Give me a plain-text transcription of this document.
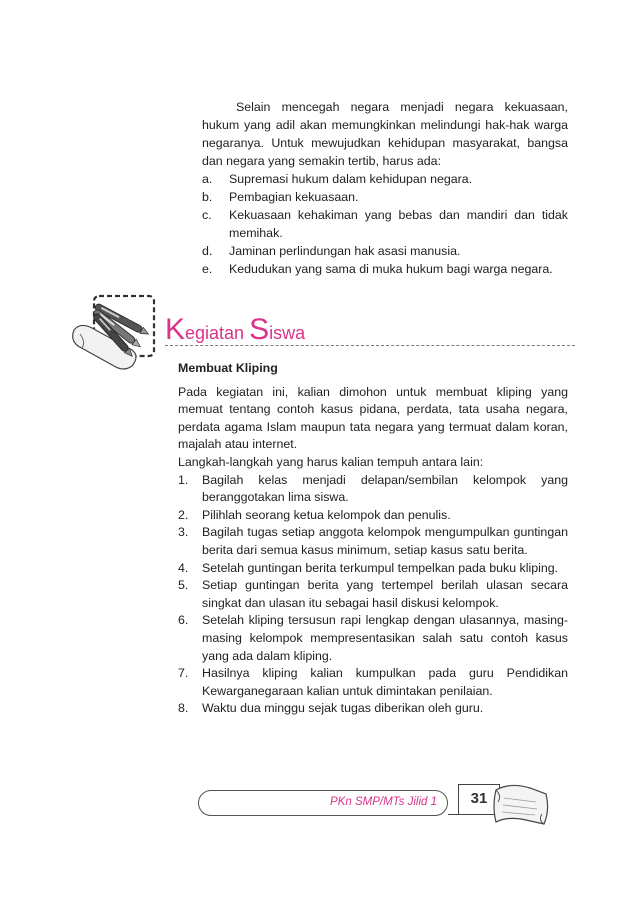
Selain mencegah negara menjadi negara kekuasaan, hukum yang adil akan memungkinkan melindungi hak-hak warga negaranya. Untuk mewujudkan kehidupan masyarakat, bangsa dan negara yang semakin tertib, harus ada:

a.	Supremasi hukum dalam kehidupan negara.
b.	Pembagian kekuasaan.
c.	Kekuasaan kehakiman yang bebas dan mandiri dan tidak memihak.
d.	Jaminan perlindungan hak asasi manusia.
e.	Kedudukan yang sama di muka hukum bagi warga negara.
Kegiatan Siswa
Membuat Kliping

Pada kegiatan ini, kalian dimohon untuk membuat kliping yang memuat tentang contoh kasus pidana, perdata, tata usaha negara, perdata agama Islam maupun tata negara yang termuat dalam koran, majalah atau internet.

Langkah-langkah yang harus kalian tempuh antara lain:

1.	Bagilah kelas menjadi delapan/sembilan kelompok yang beranggotakan lima siswa.
2.	Pilihlah seorang ketua kelompok dan penulis.
3.	Bagilah tugas setiap anggota kelompok mengumpulkan guntingan berita dari semua kasus minimum, setiap kasus satu berita.
4.	Setelah guntingan berita terkumpul tempelkan pada buku kliping.
5.	Setiap guntingan berita yang tertempel berilah ulasan secara singkat dan ulasan itu sebagai hasil diskusi kelompok.
6.	Setelah kliping tersusun rapi lengkap dengan ulasannya, masing-masing kelompok mempresentasikan salah satu contoh kasus yang ada dalam kliping.
7.	Hasilnya kliping kalian kumpulkan pada guru Pendidikan Kewarganegaraan kalian untuk dimintakan penilaian.
8.	Waktu dua minggu sejak tugas diberikan oleh guru.
PKn SMP/MTs Jilid 1	31
